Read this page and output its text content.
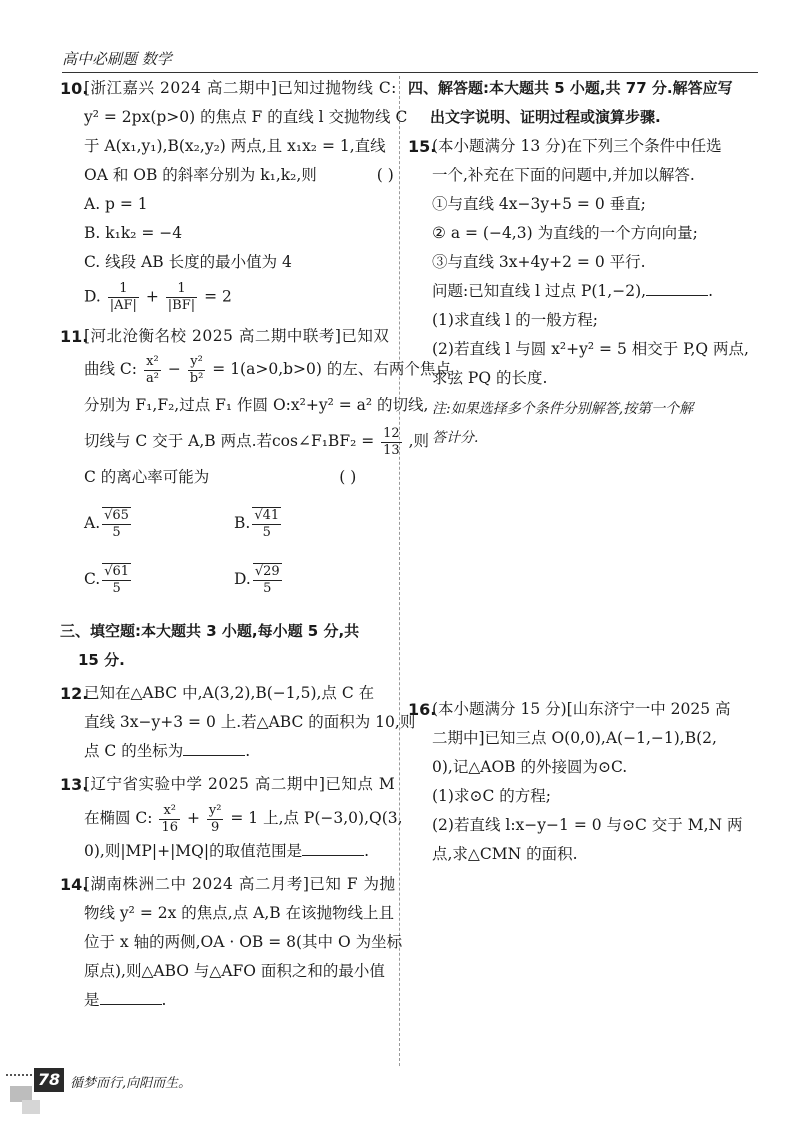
高中必刷题 数学
10.
[浙江嘉兴 2024 高二期中]已知过抛物线 C:
y² = 2px(p>0) 的焦点 F 的直线 l 交抛物线 C
于 A(x₁,y₁),B(x₂,y₂) 两点,且 x₁x₂ = 1,直线
OA 和 OB 的斜率分别为 k₁,k₂,则	( )
A. p = 1
B. k₁k₂ = −4
C. 线段 AB 长度的最小值为 4
D. $\frac{1}{|AF|} + \frac{1}{|BF|} = 2$
11.
[河北沧衡名校 2025 高二期中联考]已知双
曲线 C: $\frac{\text{x²}}{\text{a²}} - \frac{\text{y²}}{\text{b²}} = 1(a>0,b>0)$ 的左、右两个焦点
分别为 F₁,F₂,过点 F₁ 作圆 O:x²+y² = a² 的切线,
切线与 C 交于 A,B 两点.若cos∠F₁BF₂ = $\frac{12}{13}$ ,则
C 的离心率可能为	( )
A. $\frac{√65}{5}$	B. $\frac{√41}{5}$
C. $\frac{√61}{5}$	D. $\frac{√29}{5}$
三、填空题:本大题共 3 小题,每小题 5 分,共
15 分.
12.
已知在△ABC 中,A(3,2),B(−1,5),点 C 在
直线 3x−y+3 = 0 上.若△ABC 的面积为 10,则
点 C 的坐标为	.
13.
[辽宁省实验中学 2025 高二期中]已知点 M
在椭圆 C: $\frac{\text{x²}}{16} + \frac{\text{y²}}{9} = 1$ 上,点 P(−3,0),Q(3,
0),则|MP|+|MQ|的取值范围是	.
14.
[湖南株洲二中 2024 高二月考]已知 F 为抛
物线 y² = 2x 的焦点,点 A,B 在该抛物线上且
位于 x 轴的两侧,OA · OB = 8(其中 O 为坐标
原点),则△ABO 与△AFO 面积之和的最小值
是	.
四、解答题:本大题共 5 小题,共 77 分.解答应写
出文字说明、证明过程或演算步骤.
15.
(本小题满分 13 分)在下列三个条件中任选
一个,补充在下面的问题中,并加以解答.
①与直线 4x−3y+5 = 0 垂直;
② a = (−4,3) 为直线的一个方向向量;
③与直线 3x+4y+2 = 0 平行.
问题:已知直线 l 过点 P(1,−2),	.
(1)求直线 l 的一般方程;
(2)若直线 l 与圆 x²+y² = 5 相交于 P,Q 两点,
求弦 PQ 的长度.
注:如果选择多个条件分别解答,按第一个解
答计分.
16.
(本小题满分 15 分)[山东济宁一中 2025 高
二期中]已知三点 O(0,0),A(−1,−1),B(2,
0),记△AOB 的外接圆为⊙C.
(1)求⊙C 的方程;
(2)若直线 l:x−y−1 = 0 与⊙C 交于 M,N 两
点,求△CMN 的面积.
78 循梦而行,向阳而生。
